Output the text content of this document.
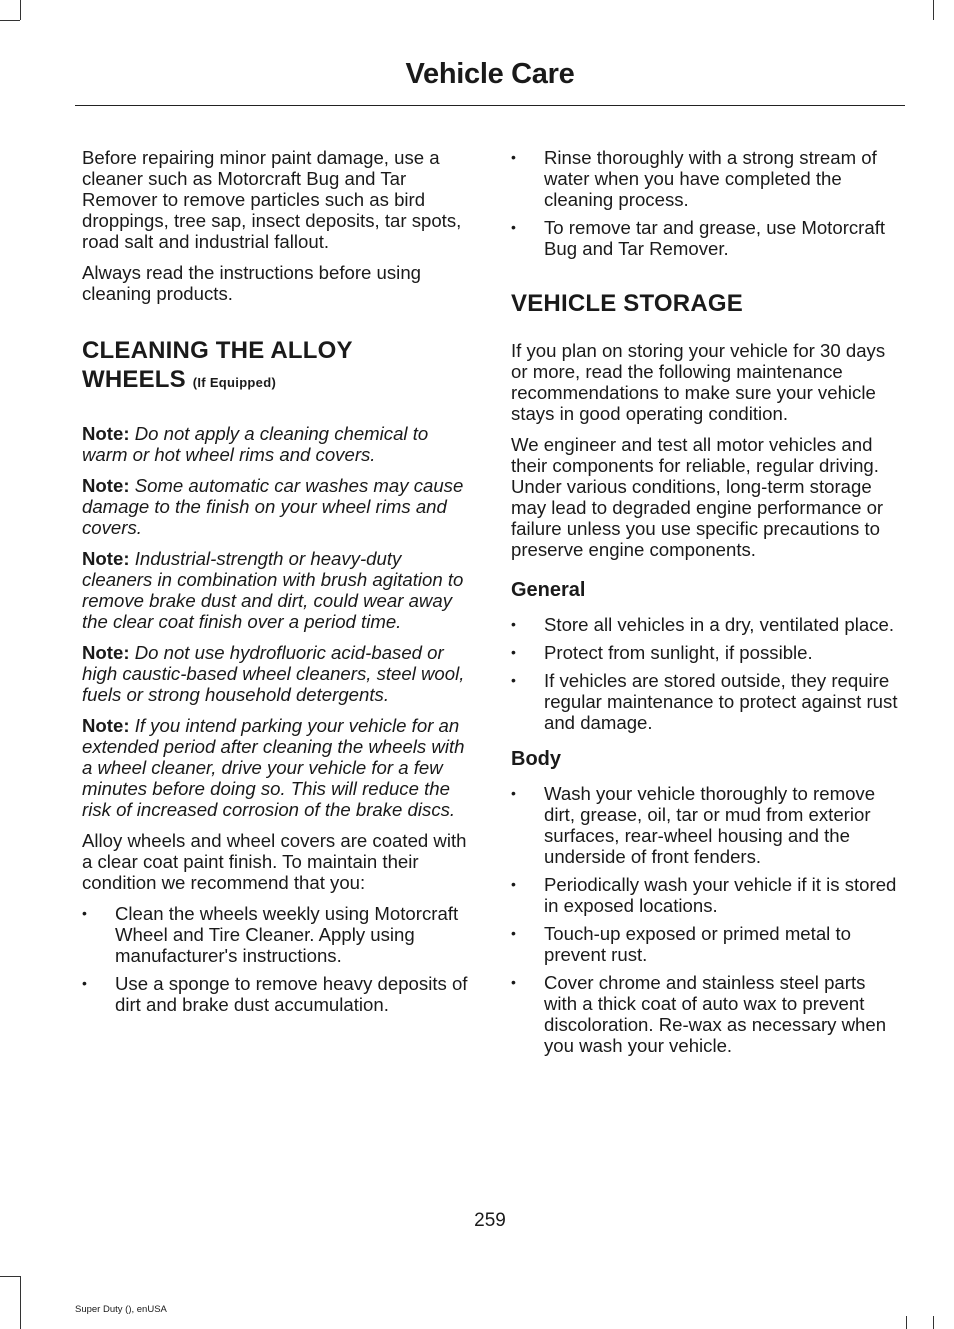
Vehicle Care

Before repairing minor paint damage, use a cleaner such as Motorcraft Bug and Tar Remover to remove particles such as bird droppings, tree sap, insect deposits, tar spots, road salt and industrial fallout.

Always read the instructions before using cleaning products.

CLEANING THE ALLOY
WHEELS (If Equipped)

Note: Do not apply a cleaning chemical to warm or hot wheel rims and covers.

Note: Some automatic car washes may cause damage to the finish on your wheel rims and covers.

Note: Industrial-strength or heavy-duty cleaners in combination with brush agitation to remove brake dust and dirt, could wear away the clear coat finish over a period time.

Note: Do not use hydrofluoric acid-based or high caustic-based wheel cleaners, steel wool, fuels or strong household detergents.

Note: If you intend parking your vehicle for an extended period after cleaning the wheels with a wheel cleaner, drive your vehicle for a few minutes before doing so. This will reduce the risk of increased corrosion of the brake discs.

Alloy wheels and wheel covers are coated with a clear coat paint finish. To maintain their condition we recommend that you:

• Clean the wheels weekly using Motorcraft Wheel and Tire Cleaner. Apply using manufacturer's instructions.
• Use a sponge to remove heavy deposits of dirt and brake dust accumulation.
• Rinse thoroughly with a strong stream of water when you have completed the cleaning process.
• To remove tar and grease, use Motorcraft Bug and Tar Remover.
VEHICLE STORAGE

If you plan on storing your vehicle for 30 days or more, read the following maintenance recommendations to make sure your vehicle stays in good operating condition.

We engineer and test all motor vehicles and their components for reliable, regular driving. Under various conditions, long-term storage may lead to degraded engine performance or failure unless you use specific precautions to preserve engine components.

General
• Store all vehicles in a dry, ventilated place.
• Protect from sunlight, if possible.
• If vehicles are stored outside, they require regular maintenance to protect against rust and damage.
Body
• Wash your vehicle thoroughly to remove dirt, grease, oil, tar or mud from exterior surfaces, rear-wheel housing and the underside of front fenders.
• Periodically wash your vehicle if it is stored in exposed locations.
• Touch-up exposed or primed metal to prevent rust.
• Cover chrome and stainless steel parts with a thick coat of auto wax to prevent discoloration. Re-wax as necessary when you wash your vehicle.
259
Super Duty (), enUSA
